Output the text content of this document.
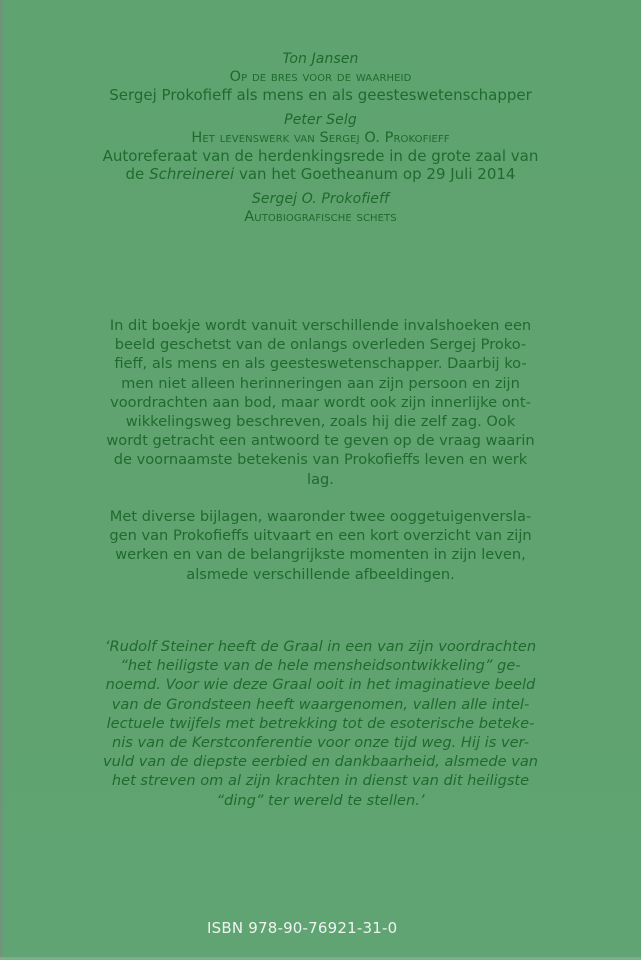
Ton Jansen
Op de bres voor de waarheid
Sergej Prokofieff als mens en als geesteswetenschapper
Peter Selg
Het levenswerk van Sergej O. Prokofieff
Autoreferaat van de herdenkingsrede in de grote zaal van
de Schreinerei van het Goetheanum op 29 Juli 2014
Sergej O. Prokofieff
Autobiografische schets

In dit boekje wordt vanuit verschillende invalshoeken een

beeld geschetst van de onlangs overleden Sergej Proko-

fieff, als mens en als geesteswetenschapper. Daarbij ko-

men niet alleen herinneringen aan zijn persoon en zijn

voordrachten aan bod, maar wordt ook zijn innerlijke ont-

wikkelingsweg beschreven, zoals hij die zelf zag. Ook

wordt getracht een antwoord te geven op de vraag waarin

de voornaamste betekenis van Prokofieffs leven en werk

lag.

Met diverse bijlagen, waaronder twee ooggetuigenversla-

gen van Prokofieffs uitvaart en een kort overzicht van zijn

werken en van de belangrijkste momenten in zijn leven,

alsmede verschillende afbeeldingen.

‘Rudolf Steiner heeft de Graal in een van zijn voordrachten

“het heiligste van de hele mensheidsontwikkeling” ge-

noemd. Voor wie deze Graal ooit in het imaginatieve beeld

van de Grondsteen heeft waargenomen, vallen alle intel-

lectuele twijfels met betrekking tot de esoterische beteke-

nis van de Kerstconferentie voor onze tijd weg. Hij is ver-

vuld van de diepste eerbied en dankbaarheid, alsmede van

het streven om al zijn krachten in dienst van dit heiligste

“ding” ter wereld te stellen.’

ISBN 978-90-76921-31-0
